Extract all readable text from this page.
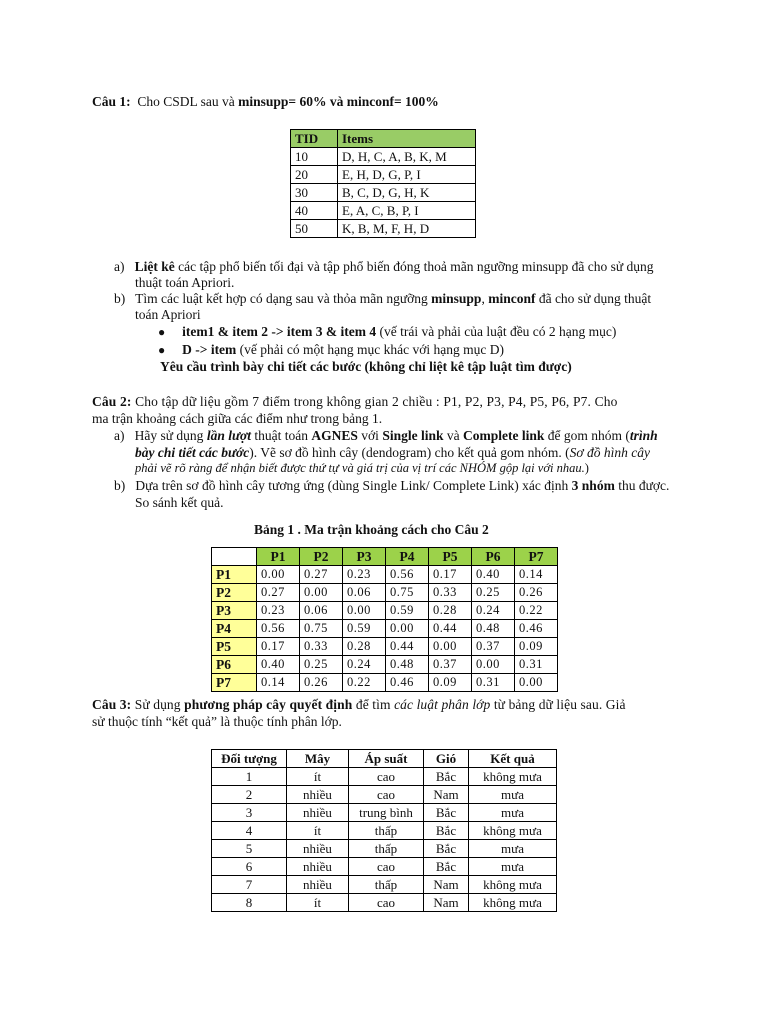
Câu 1: Cho CSDL sau và minsupp= 60% và minconf= 100%
TID	Items
10	D, H, C, A, B, K, M
20	E, H, D, G, P, I
30	B, C, D, G, H, K
40	E, A, C, B, P, I
50	K, B, M, F, H, D
a) Liệt kê các tập phổ biến tối đại và tập phổ biến đóng thoả mãn ngưỡng minsupp đã cho sử dụng
thuật toán Apriori.
b) Tìm các luật kết hợp có dạng sau và thỏa mãn ngưỡng minsupp, minconf đã cho sử dụng thuật
toán Apriori
● item1 & item 2 -> item 3 & item 4 (vế trái và phải của luật đều có 2 hạng mục)
● D -> item (vế phải có một hạng mục khác với hạng mục D)
Yêu cầu trình bày chi tiết các bước (không chỉ liệt kê tập luật tìm được)
Câu 2: Cho tập dữ liệu gồm 7 điểm trong không gian 2 chiều : P1, P2, P3, P4, P5, P6, P7. Cho
ma trận khoảng cách giữa các điểm như trong bảng 1.
a) Hãy sử dụng lần lượt thuật toán AGNES với Single link và Complete link để gom nhóm (trình
bày chi tiết các bước). Vẽ sơ đồ hình cây (dendogram) cho kết quả gom nhóm. (Sơ đồ hình cây
phải vẽ rõ ràng để nhận biết được thứ tự và giá trị của vị trí các NHÓM gộp lại với nhau.)
b) Dựa trên sơ đồ hình cây tương ứng (dùng Single Link/ Complete Link) xác định 3 nhóm thu được.
So sánh kết quả.
Bảng 1 . Ma trận khoảng cách cho Câu 2
	P1	P2	P3	P4	P5	P6	P7
P1	0.00	0.27	0.23	0.56	0.17	0.40	0.14
P2	0.27	0.00	0.06	0.75	0.33	0.25	0.26
P3	0.23	0.06	0.00	0.59	0.28	0.24	0.22
P4	0.56	0.75	0.59	0.00	0.44	0.48	0.46
P5	0.17	0.33	0.28	0.44	0.00	0.37	0.09
P6	0.40	0.25	0.24	0.48	0.37	0.00	0.31
P7	0.14	0.26	0.22	0.46	0.09	0.31	0.00
Câu 3: Sử dụng phương pháp cây quyết định để tìm các luật phân lớp từ bảng dữ liệu sau. Giả
sử thuộc tính “kết quả” là thuộc tính phân lớp.
Đối tượng	Mây	Áp suất	Gió	Kết quả
1	ít	cao	Bắc	không mưa
2	nhiều	cao	Nam	mưa
3	nhiều	trung bình	Bắc	mưa
4	ít	thấp	Bắc	không mưa
5	nhiều	thấp	Bắc	mưa
6	nhiều	cao	Bắc	mưa
7	nhiều	thấp	Nam	không mưa
8	ít	cao	Nam	không mưa
